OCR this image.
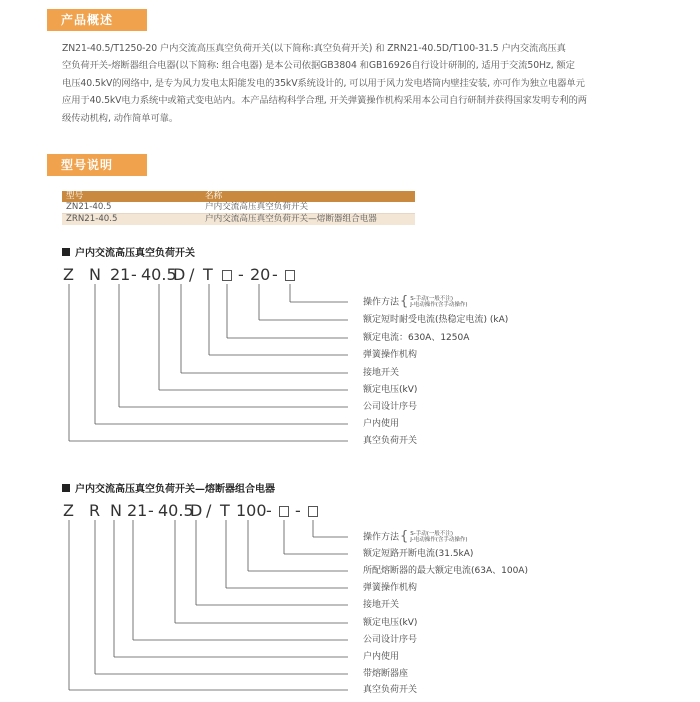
产品概述
ZN21-40.5/T1250-20 户内交流高压真空负荷开关(以下简称:真空负荷开关) 和 ZRN21-40.5D/T100-31.5 户内交流高压真
空负荷开关-熔断器组合电器(以下简称: 组合电器) 是本公司依据GB3804 和GB16926自行设计研制的, 适用于交流50Hz, 额定
电压40.5kV的网络中, 是专为风力发电太阳能发电的35kV系统设计的, 可以用于风力发电塔筒内壁挂安装, 亦可作为独立电器单元
应用于40.5kV电力系统中或箱式变电站内。本产品结构科学合理, 开关弹簧操作机构采用本公司自行研制并获得国家发明专利的两
级传动机构, 动作简单可靠。
型号说明
型号	名称
ZN21-40.5	户内交流高压真空负荷开关
ZRN21-40.5	户内交流高压真空负荷开关—熔断器组合电器
户内交流高压真空负荷开关
Z N 21 - 40.5
D / T - 20 -
操作方法{ S-手动(一般不注)
J-电动操作(含手动操作)
额定短时耐受电流(热稳定电流) (kA)
额定电流：630A、1250A
弹簧操作机构
接地开关
额定电压(kV)
公司设计序号
户内使用
真空负荷开关
户内交流高压真空负荷开关—熔断器组合电器
Z R N 21 - 40.5
D / T 100 - -
操作方法{ S-手动(一般不注)
J-电动操作(含手动操作)
额定短路开断电流(31.5kA)
所配熔断器的最大额定电流(63A、100A)
弹簧操作机构
接地开关
额定电压(kV)
公司设计序号
户内使用
带熔断器座
真空负荷开关
